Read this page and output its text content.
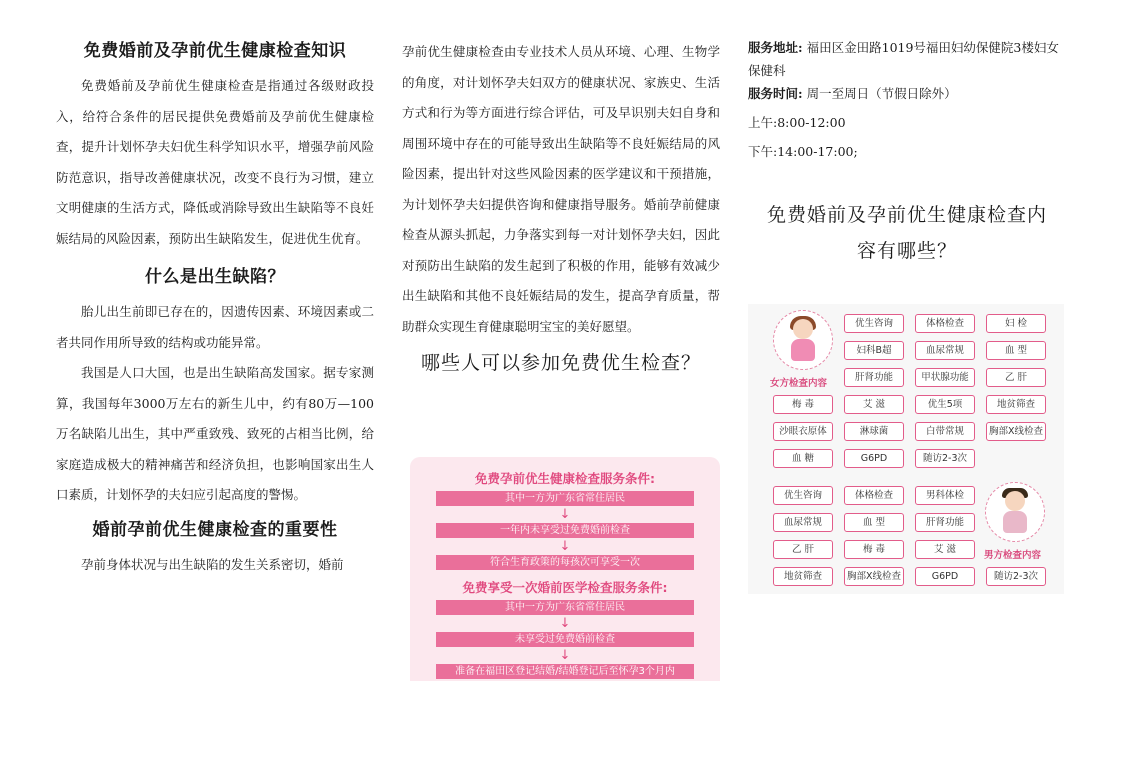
免费婚前及孕前优生健康检查知识

免费婚前及孕前优生健康检查是指通过各级财政投入，给符合条件的居民提供免费婚前及孕前优生健康检查，提升计划怀孕夫妇优生科学知识水平，增强孕前风险防范意识，指导改善健康状况，改变不良行为习惯，建立文明健康的生活方式，降低或消除导致出生缺陷等不良妊娠结局的风险因素，预防出生缺陷发生，促进优生优育。

什么是出生缺陷？

胎儿出生前即已存在的，因遗传因素、环境因素或二者共同作用所导致的结构或功能异常。

我国是人口大国，也是出生缺陷高发国家。据专家测算，我国每年3000万左右的新生儿中，约有80万—100万名缺陷儿出生，其中严重致残、致死的占相当比例，给家庭造成极大的精神痛苦和经济负担，也影响国家出生人口素质，计划怀孕的夫妇应引起高度的警惕。

婚前孕前优生健康检查的重要性

孕前身体状况与出生缺陷的发生关系密切，婚前

孕前优生健康检查由专业技术人员从环境、心理、生物学的角度，对计划怀孕夫妇双方的健康状况、家族史、生活方式和行为等方面进行综合评估，可及早识别夫妇自身和周围环境中存在的可能导致出生缺陷等不良妊娠结局的风险因素，提出针对这些风险因素的医学建议和干预措施，为计划怀孕夫妇提供咨询和健康指导服务。婚前孕前健康检查从源头抓起，力争落实到每一对计划怀孕夫妇，因此对预防出生缺陷的发生起到了积极的作用，能够有效减少出生缺陷和其他不良妊娠结局的发生，提高孕育质量，帮助群众实现生育健康聪明宝宝的美好愿望。

哪些人可以参加免费优生检查？
免费孕前优生健康检查服务条件:
其中一方为广东省常住居民
↓
一年内未享受过免费婚前检查
↓
符合生育政策的每孩次可享受一次
免费享受一次婚前医学检查服务条件:
其中一方为广东省常住居民
↓
未享受过免费婚前检查
↓
准备在福田区登记结婚/结婚登记后至怀孕3个月内

服务地址: 福田区金田路1019号福田妇幼保健院3楼妇女保健科

服务时间: 周一至周日（节假日除外）

上午:8:00-12:00

下午:14:00-17:00;

免费婚前及孕前优生健康检查内容有哪些？
女方检查内容
男方检查内容
优生咨询	体格检查	妇 检
妇科B超	血尿常规	血 型
肝肾功能	甲状腺功能	乙 肝
梅 毒	艾 滋	优生5项	地贫筛查
沙眼衣原体	淋球菌	白带常规	胸部X线检查
血 糖	G6PD	随访2-3次
优生咨询	体格检查	男科体检
血尿常规	血 型	肝肾功能
乙 肝	梅 毒	艾 滋
地贫筛查	胸部X线检查	G6PD	随访2-3次
